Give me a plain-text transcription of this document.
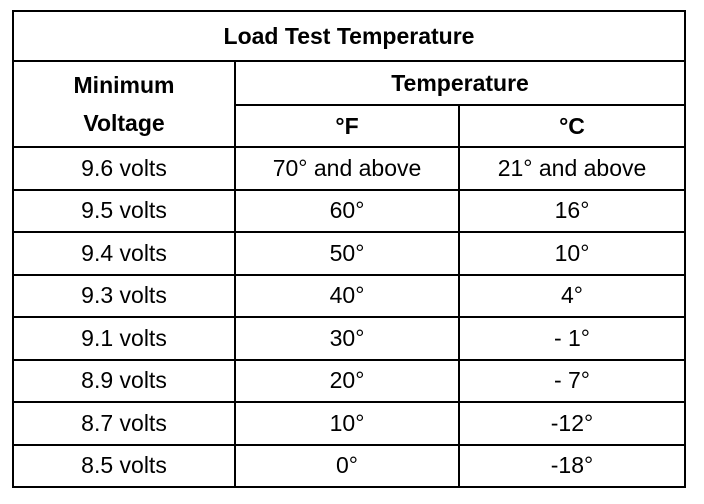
Load Test Temperature		

Minimum
Voltage	Temperature	
	°F	°C
9.6 volts	70° and above	21° and above
9.5 volts	60°	16°
9.4 volts	50°	10°
9.3 volts	40°	4°
9.1 volts	30°	- 1°
8.9 volts	20°	- 7°
8.7 volts	10°	-12°
8.5 volts	0°	-18°
